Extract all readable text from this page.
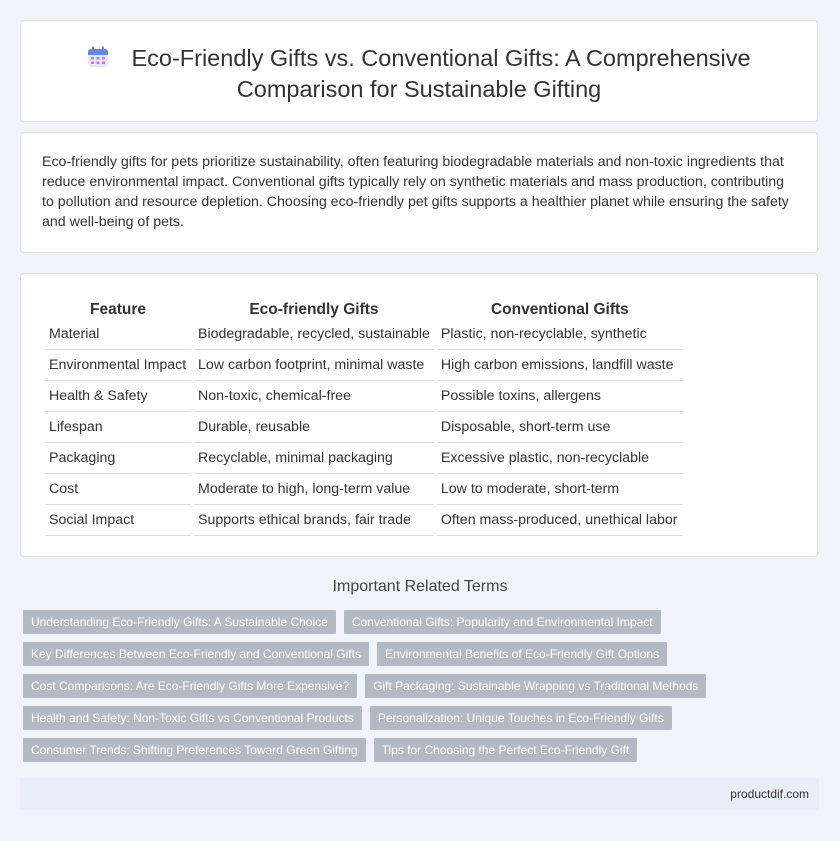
Eco-Friendly Gifts vs. Conventional Gifts: A Comprehensive Comparison for Sustainable Gifting

Eco-friendly gifts for pets prioritize sustainability, often featuring biodegradable materials and non-toxic ingredients that reduce environmental impact. Conventional gifts typically rely on synthetic materials and mass production, contributing to pollution and resource depletion. Choosing eco-friendly pet gifts supports a healthier planet while ensuring the safety and well-being of pets.

Feature	Eco-friendly Gifts	Conventional Gifts
Material	Biodegradable, recycled, sustainable	Plastic, non-recyclable, synthetic
Environmental Impact	Low carbon footprint, minimal waste	High carbon emissions, landfill waste
Health & Safety	Non-toxic, chemical-free	Possible toxins, allergens
Lifespan	Durable, reusable	Disposable, short-term use
Packaging	Recyclable, minimal packaging	Excessive plastic, non-recyclable
Cost	Moderate to high, long-term value	Low to moderate, short-term
Social Impact	Supports ethical brands, fair trade	Often mass-produced, unethical labor
Important Related Terms
Understanding Eco-Friendly Gifts: A Sustainable Choice	Conventional Gifts: Popularity and Environmental Impact
Key Differences Between Eco-Friendly and Conventional Gifts	Environmental Benefits of Eco-Friendly Gift Options
Cost Comparisons: Are Eco-Friendly Gifts More Expensive?	Gift Packaging: Sustainable Wrapping vs Traditional Methods
Health and Safety: Non-Toxic Gifts vs Conventional Products	Personalization: Unique Touches in Eco-Friendly Gifts
Consumer Trends: Shifting Preferences Toward Green Gifting	Tips for Choosing the Perfect Eco-Friendly Gift
productdif.com
